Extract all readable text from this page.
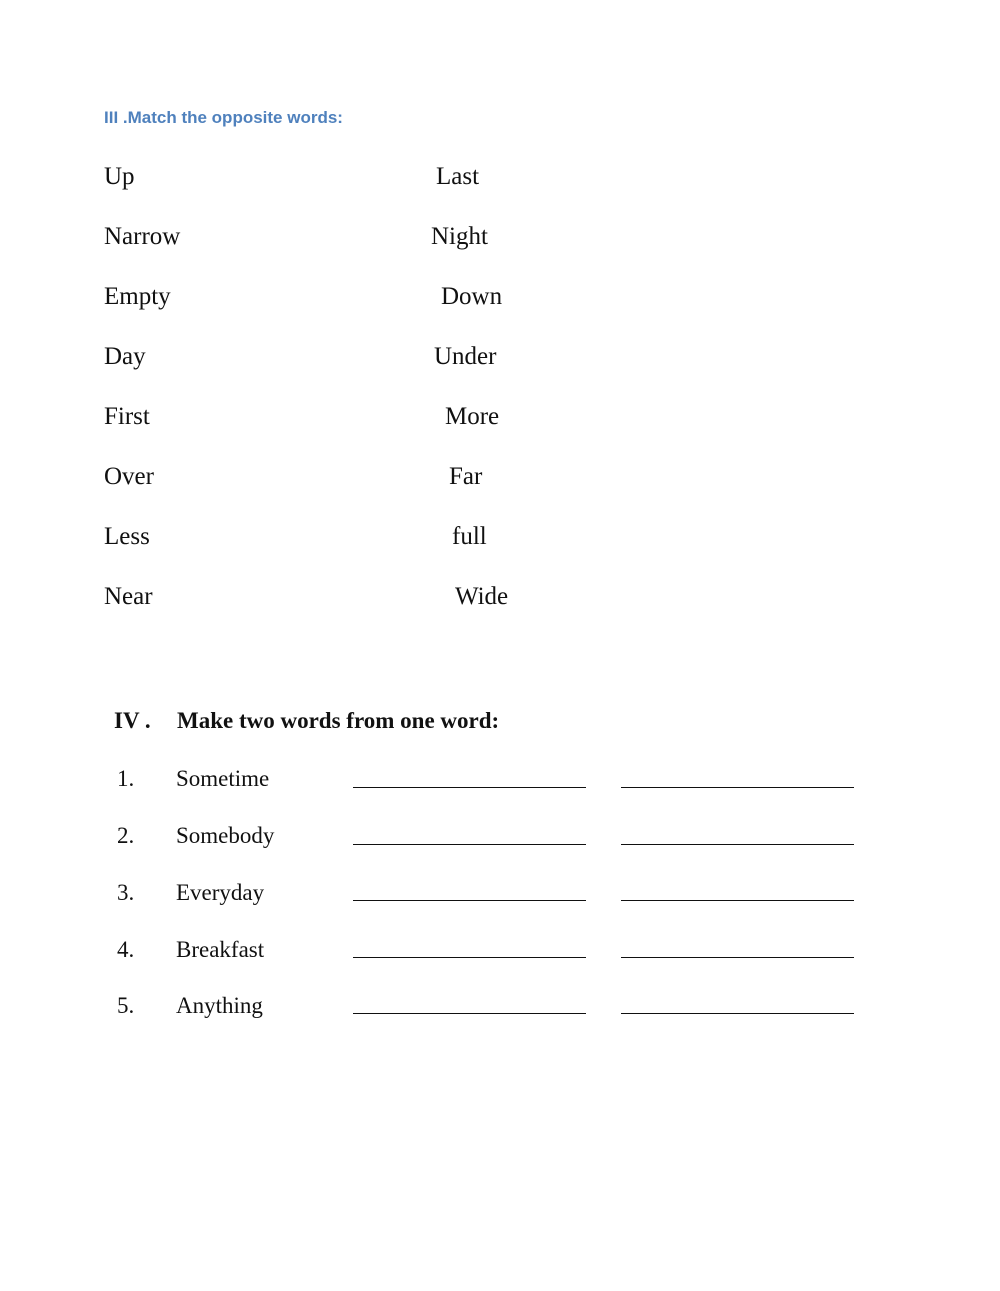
III .Match the opposite words:
Up
Narrow
Empty
Day
First
Over
Less
Near
Last
Night
Down
Under
More
Far
full
Wide
IV . Make two words from one word:
1. Sometime
2. Somebody
3. Everyday
4. Breakfast
5. Anything
